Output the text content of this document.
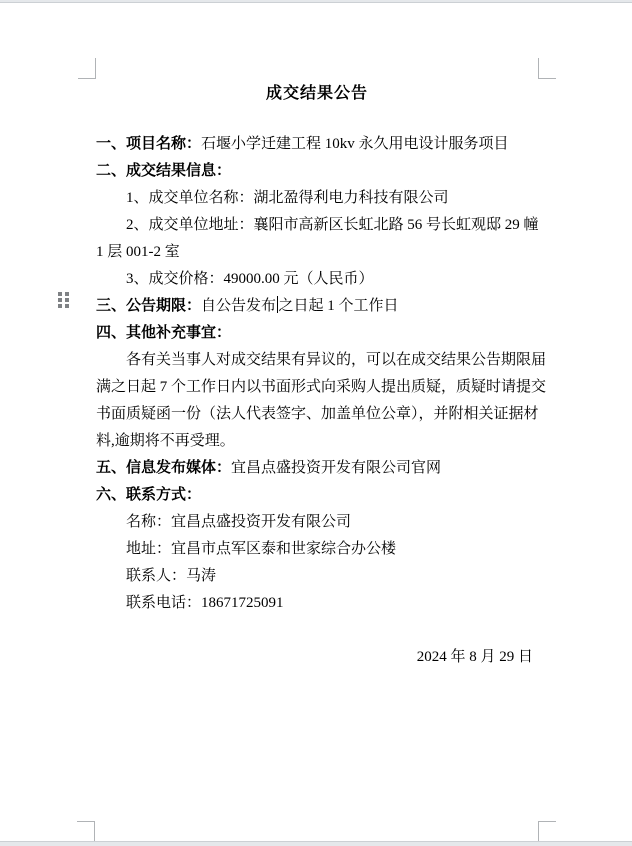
成交结果公告
一、项目名称：石堰小学迁建工程 10kv 永久用电设计服务项目
二、成交结果信息：
1、成交单位名称：湖北盈得利电力科技有限公司
2、成交单位地址：襄阳市高新区长虹北路 56 号长虹观邸 29 幢
1 层 001-2 室
3、成交价格：49000.00 元（人民币）
三、公告期限：自公告发布 之日起 1 个工作日
四、其他补充事宜：
各有关当事人对成交结果有异议的，可以在成交结果公告期限届
满之日起 7 个工作日内以书面形式向采购人提出质疑，质疑时请提交
书面质疑函一份（法人代表签字、加盖单位公章），并附相关证据材
料,逾期将不再受理。
五、信息发布媒体：宜昌点盛投资开发有限公司官网
六、联系方式：
名称：宜昌点盛投资开发有限公司
地址：宜昌市点军区泰和世家综合办公楼
联系人：马涛
联系电话：18671725091
2024 年 8 月 29 日
